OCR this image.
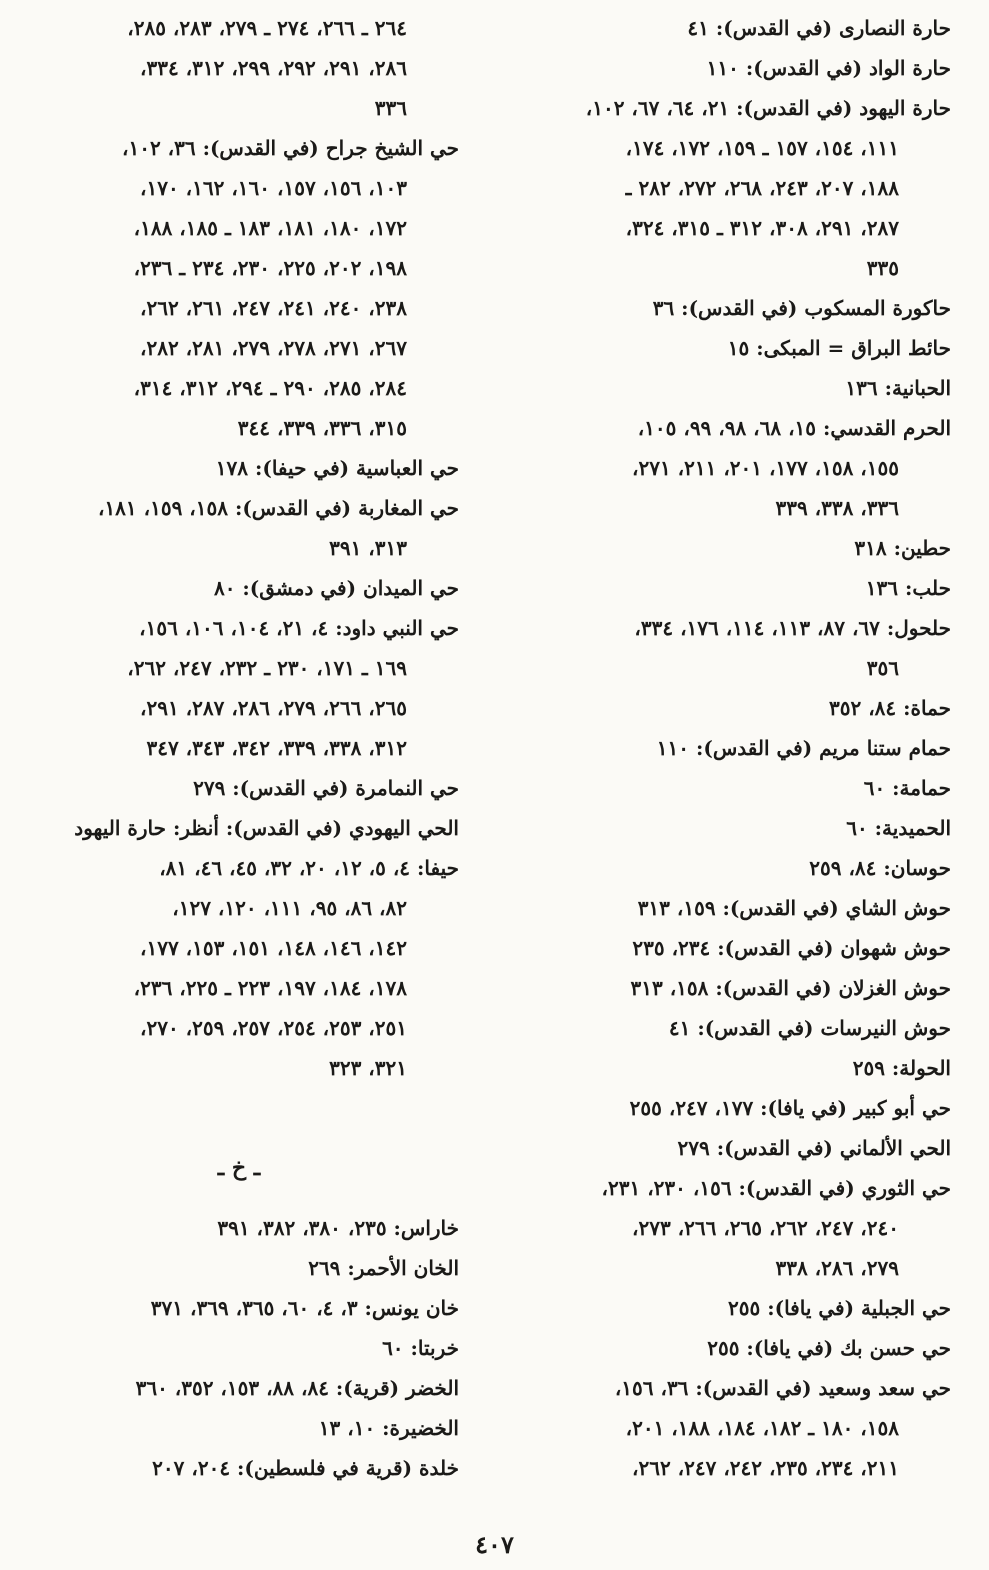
حارة النصارى (في القدس): ٤١
حارة الواد (في القدس): ١١٠
حارة اليهود (في القدس): ٢١، ٦٤، ٦٧، ١٠٢،
١١١، ١٥٤، ١٥٧ ـ ١٥٩، ١٧٢، ١٧٤،
١٨٨، ٢٠٧، ٢٤٣، ٢٦٨، ٢٧٢، ٢٨٢ ـ
٢٨٧، ٢٩١، ٣٠٨، ٣١٢ ـ ٣١٥، ٣٢٤،
٣٣٥
حاكورة المسكوب (في القدس): ٣٦
حائط البراق = المبكى: ١٥
الحبانية: ١٣٦
الحرم القدسي: ١٥، ٦٨، ٩٨، ٩٩، ١٠٥،
١٥٥، ١٥٨، ١٧٧، ٢٠١، ٢١١، ٢٧١،
٣٣٦، ٣٣٨، ٣٣٩
حطين: ٣١٨
حلب: ١٣٦
حلحول: ٦٧، ٨٧، ١١٣، ١١٤، ١٧٦، ٣٣٤،
٣٥٦
حماة: ٨٤، ٣٥٢
حمام ستنا مريم (في القدس): ١١٠
حمامة: ٦٠
الحميدية: ٦٠
حوسان: ٨٤، ٢٥٩
حوش الشاي (في القدس): ١٥٩، ٣١٣
حوش شهوان (في القدس): ٢٣٤، ٢٣٥
حوش الغزلان (في القدس): ١٥٨، ٣١٣
حوش النيرسات (في القدس): ٤١
الحولة: ٢٥٩
حي أبو كبير (في يافا): ١٧٧، ٢٤٧، ٢٥٥
الحي الألماني (في القدس): ٢٧٩
حي الثوري (في القدس): ١٥٦، ٢٣٠، ٢٣١،
٢٤٠، ٢٤٧، ٢٦٢، ٢٦٥، ٢٦٦، ٢٧٣،
٢٧٩، ٢٨٦، ٣٣٨
حي الجبلية (في يافا): ٢٥٥
حي حسن بك (في يافا): ٢٥٥
حي سعد وسعيد (في القدس): ٣٦، ١٥٦،
١٥٨، ١٨٠ ـ ١٨٢، ١٨٤، ١٨٨، ٢٠١،
٢١١، ٢٣٤، ٢٣٥، ٢٤٢، ٢٤٧، ٢٦٢،
٢٦٤ ـ ٢٦٦، ٢٧٤ ـ ٢٧٩، ٢٨٣، ٢٨٥،
٢٨٦، ٢٩١، ٢٩٢، ٢٩٩، ٣١٢، ٣٣٤،
٣٣٦
حي الشيخ جراح (في القدس): ٣٦، ١٠٢،
١٠٣، ١٥٦، ١٥٧، ١٦٠، ١٦٢، ١٧٠،
١٧٢، ١٨٠، ١٨١، ١٨٣ ـ ١٨٥، ١٨٨،
١٩٨، ٢٠٢، ٢٢٥، ٢٣٠، ٢٣٤ ـ ٢٣٦،
٢٣٨، ٢٤٠، ٢٤١، ٢٤٧، ٢٦١، ٢٦٢،
٢٦٧، ٢٧١، ٢٧٨، ٢٧٩، ٢٨١، ٢٨٢،
٢٨٤، ٢٨٥، ٢٩٠ ـ ٢٩٤، ٣١٢، ٣١٤،
٣١٥، ٣٣٦، ٣٣٩، ٣٤٤
حي العباسية (في حيفا): ١٧٨
حي المغاربة (في القدس): ١٥٨، ١٥٩، ١٨١،
٣١٣، ٣٩١
حي الميدان (في دمشق): ٨٠
حي النبي داود: ٤، ٢١، ١٠٤، ١٠٦، ١٥٦،
١٦٩ ـ ١٧١، ٢٣٠ ـ ٢٣٢، ٢٤٧، ٢٦٢،
٢٦٥، ٢٦٦، ٢٧٩، ٢٨٦، ٢٨٧، ٢٩١،
٣١٢، ٣٣٨، ٣٣٩، ٣٤٢، ٣٤٣، ٣٤٧
حي النمامرة (في القدس): ٢٧٩
الحي اليهودي (في القدس): أنظر: حارة اليهود
حيفا: ٤، ٥، ١٢، ٢٠، ٣٢، ٤٥، ٤٦، ٨١،
٨٢، ٨٦، ٩٥، ١١١، ١٢٠، ١٢٧،
١٤٢، ١٤٦، ١٤٨، ١٥١، ١٥٣، ١٧٧،
١٧٨، ١٨٤، ١٩٧، ٢٢٣ ـ ٢٢٥، ٢٣٦،
٢٥١، ٢٥٣، ٢٥٤، ٢٥٧، ٢٥٩، ٢٧٠،
٣٢١، ٣٢٣
ـ خ ـ
خاراس: ٢٣٥، ٣٨٠، ٣٨٢، ٣٩١
الخان الأحمر: ٢٦٩
خان يونس: ٣، ٤، ٦٠، ٣٦٥، ٣٦٩، ٣٧١
خربتا: ٦٠
الخضر (قرية): ٨٤، ٨٨، ١٥٣، ٣٥٢، ٣٦٠
الخضيرة: ١٠، ١٣
خلدة (قرية في فلسطين): ٢٠٤، ٢٠٧
٤٠٧
